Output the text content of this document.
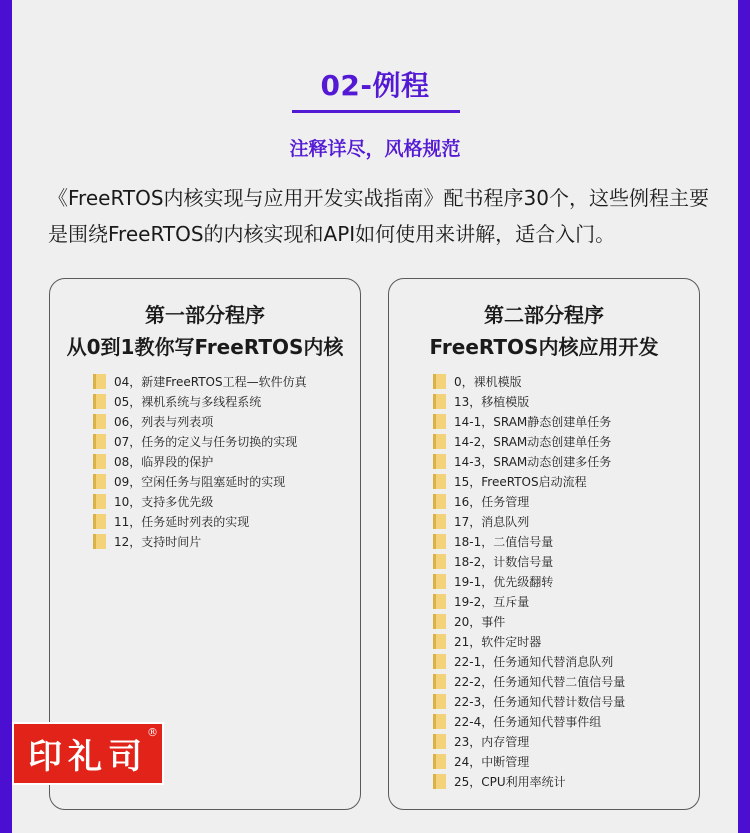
02-例程
注释详尽，风格规范
《FreeRTOS内核实现与应用开发实战指南》配书程序30个，这些例程主要是围绕FreeRTOS的内核实现和API如何使用来讲解，适合入门。
第一部分程序
从0到1教你写FreeRTOS内核
04，新建FreeRTOS工程—软件仿真
05，裸机系统与多线程系统
06，列表与列表项
07，任务的定义与任务切换的实现
08，临界段的保护
09，空闲任务与阻塞延时的实现
10，支持多优先级
11，任务延时列表的实现
12，支持时间片
第二部分程序
FreeRTOS内核应用开发
0，裸机模版
13，移植模版
14-1，SRAM静态创建单任务
14-2，SRAM动态创建单任务
14-3，SRAM动态创建多任务
15，FreeRTOS启动流程
16，任务管理
17，消息队列
18-1，二值信号量
18-2，计数信号量
19-1，优先级翻转
19-2，互斥量
20，事件
21，软件定时器
22-1，任务通知代替消息队列
22-2，任务通知代替二值信号量
22-3，任务通知代替计数信号量
22-4，任务通知代替事件组
23，内存管理
24，中断管理
25，CPU利用率统计
印礼司
®
